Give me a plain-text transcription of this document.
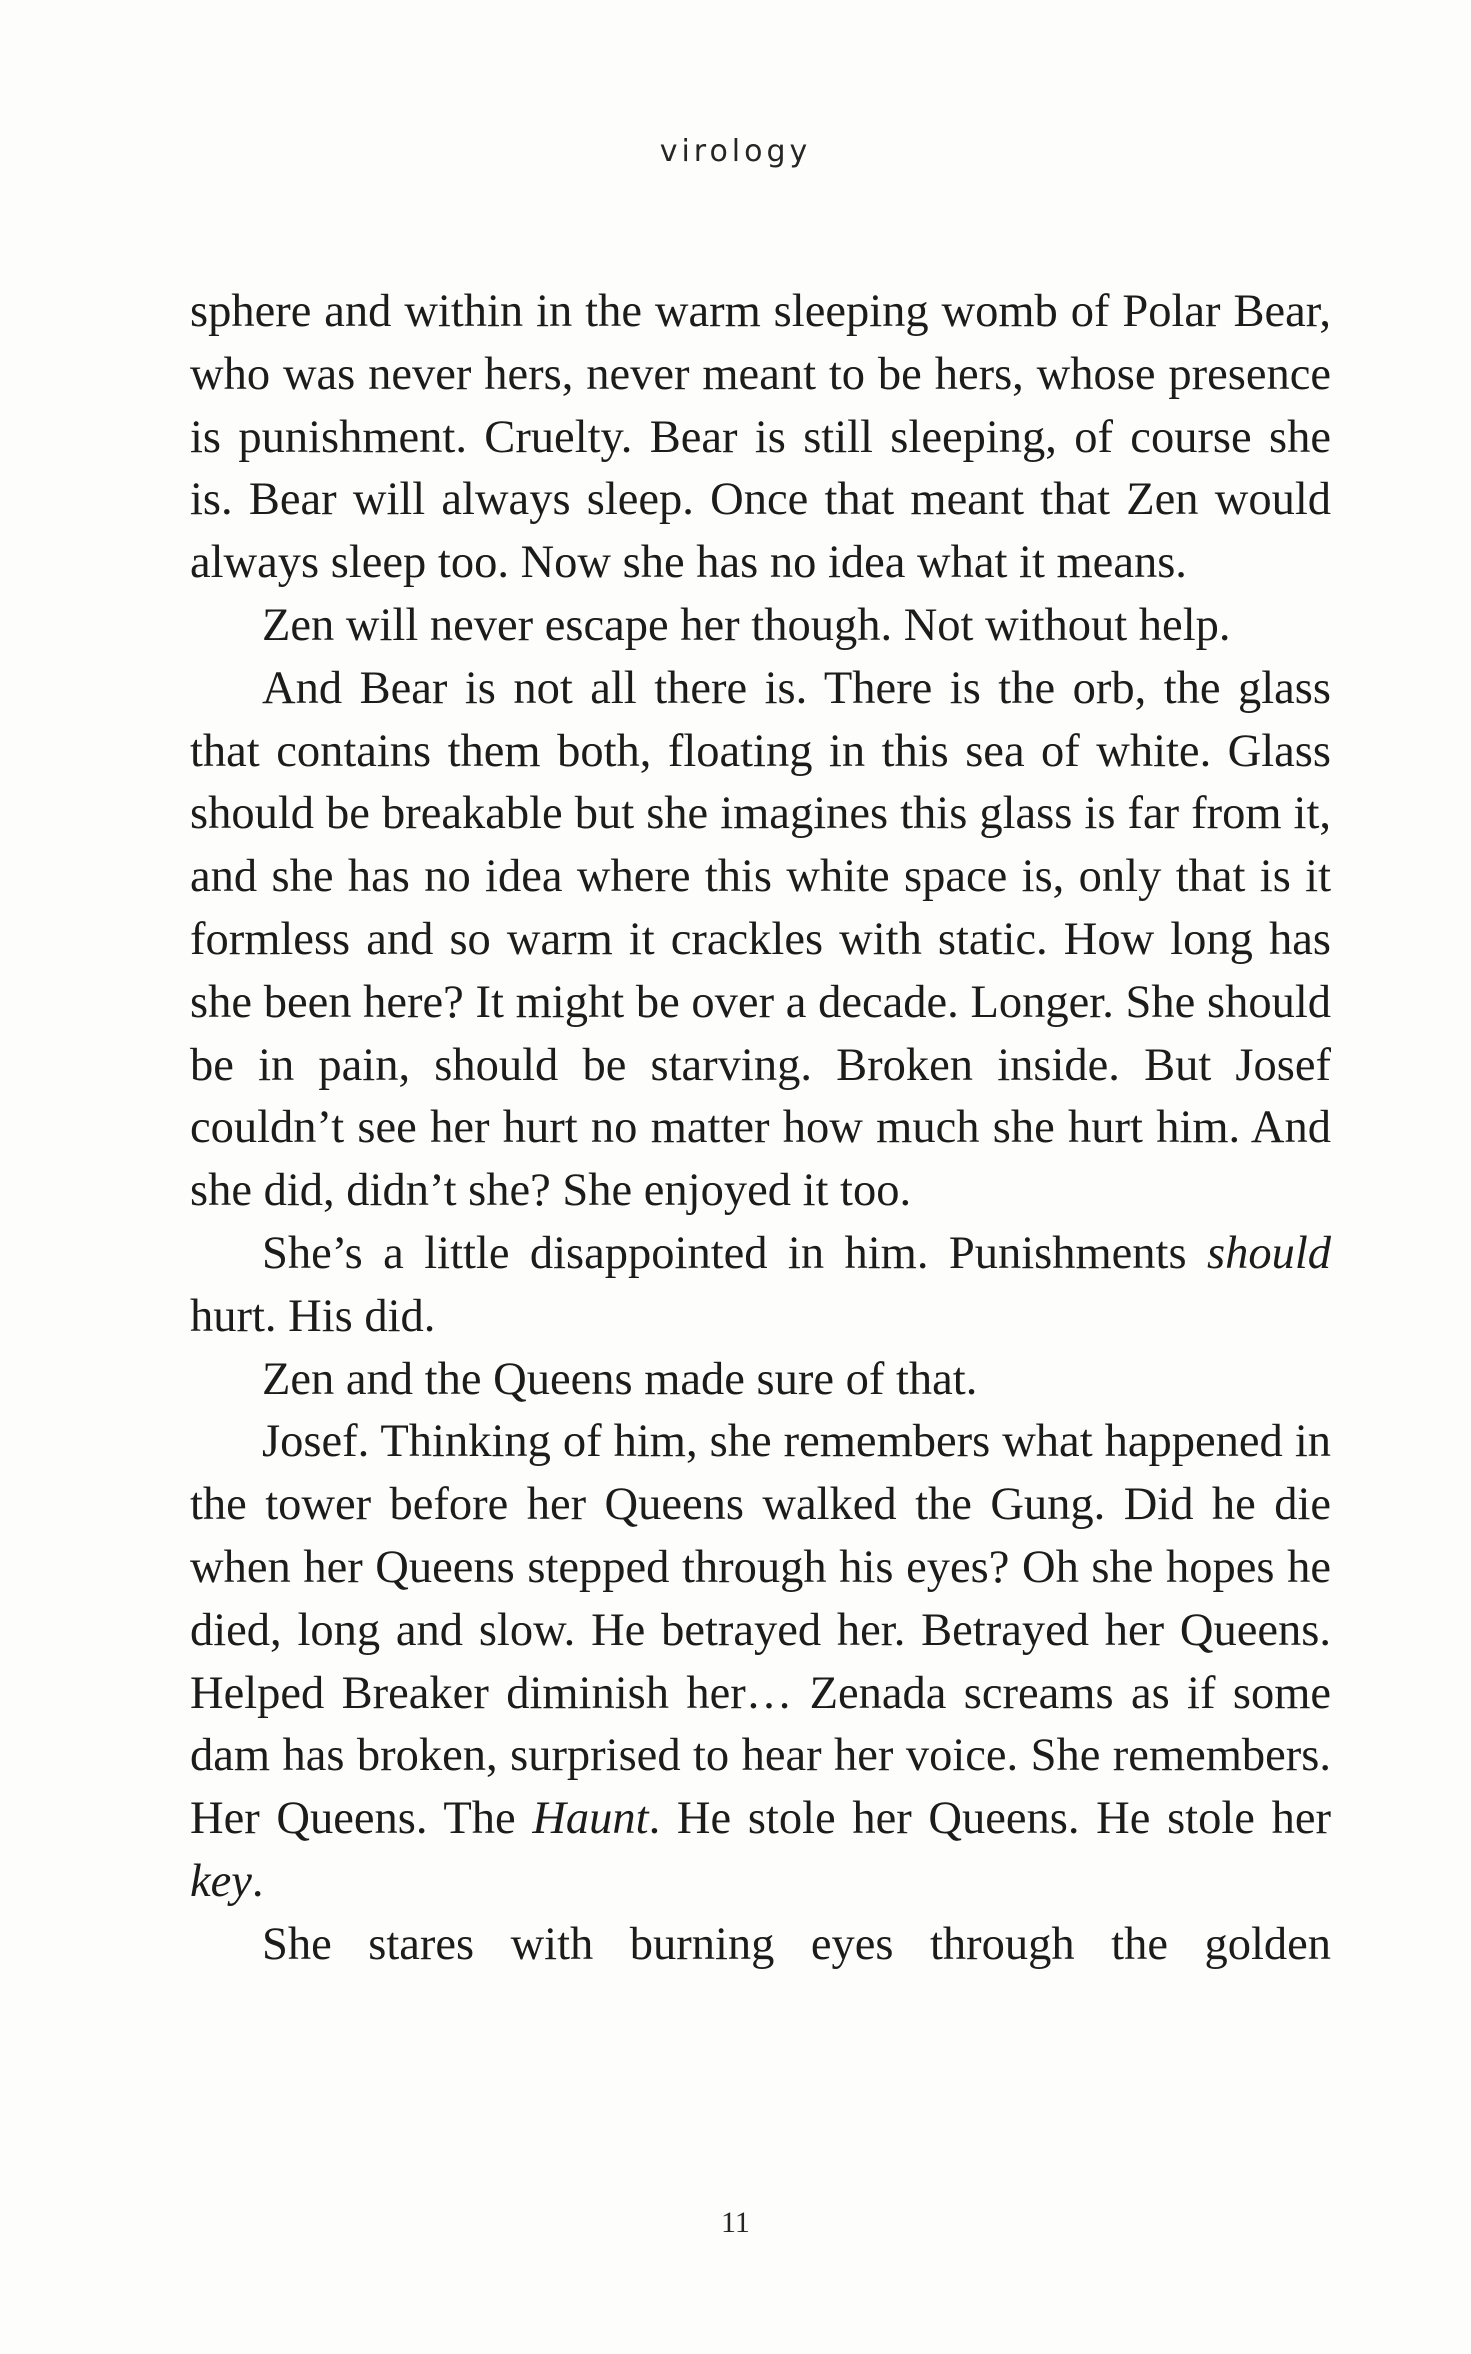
virology

sphere and within in the warm sleeping womb of Polar Bear, who was never hers, never meant to be hers, whose presence is punishment. Cruelty. Bear is still sleeping, of course she is. Bear will always sleep. Once that meant that Zen would always sleep too. Now she has no idea what it means.

Zen will never escape her though. Not without help.

And Bear is not all there is. There is the orb, the glass that contains them both, floating in this sea of white. Glass should be breakable but she imagines this glass is far from it, and she has no idea where this white space is, only that is it formless and so warm it crackles with static. How long has she been here? It might be over a decade. Longer. She should be in pain, should be starving. Broken inside. But Josef couldn’t see her hurt no matter how much she hurt him. And she did, didn’t she? She enjoyed it too.

She’s a little disappointed in him. Punishments should hurt. His did.

Zen and the Queens made sure of that.

Josef. Thinking of him, she remembers what happened in the tower before her Queens walked the Gung. Did he die when her Queens stepped through his eyes? Oh she hopes he died, long and slow. He betrayed her. Betrayed her Queens. Helped Breaker diminish her… Zenada screams as if some dam has broken, surprised to hear her voice. She remembers. Her Queens. The Haunt. He stole her Queens. He stole her key.

She stares with burning eyes through the golden

11
